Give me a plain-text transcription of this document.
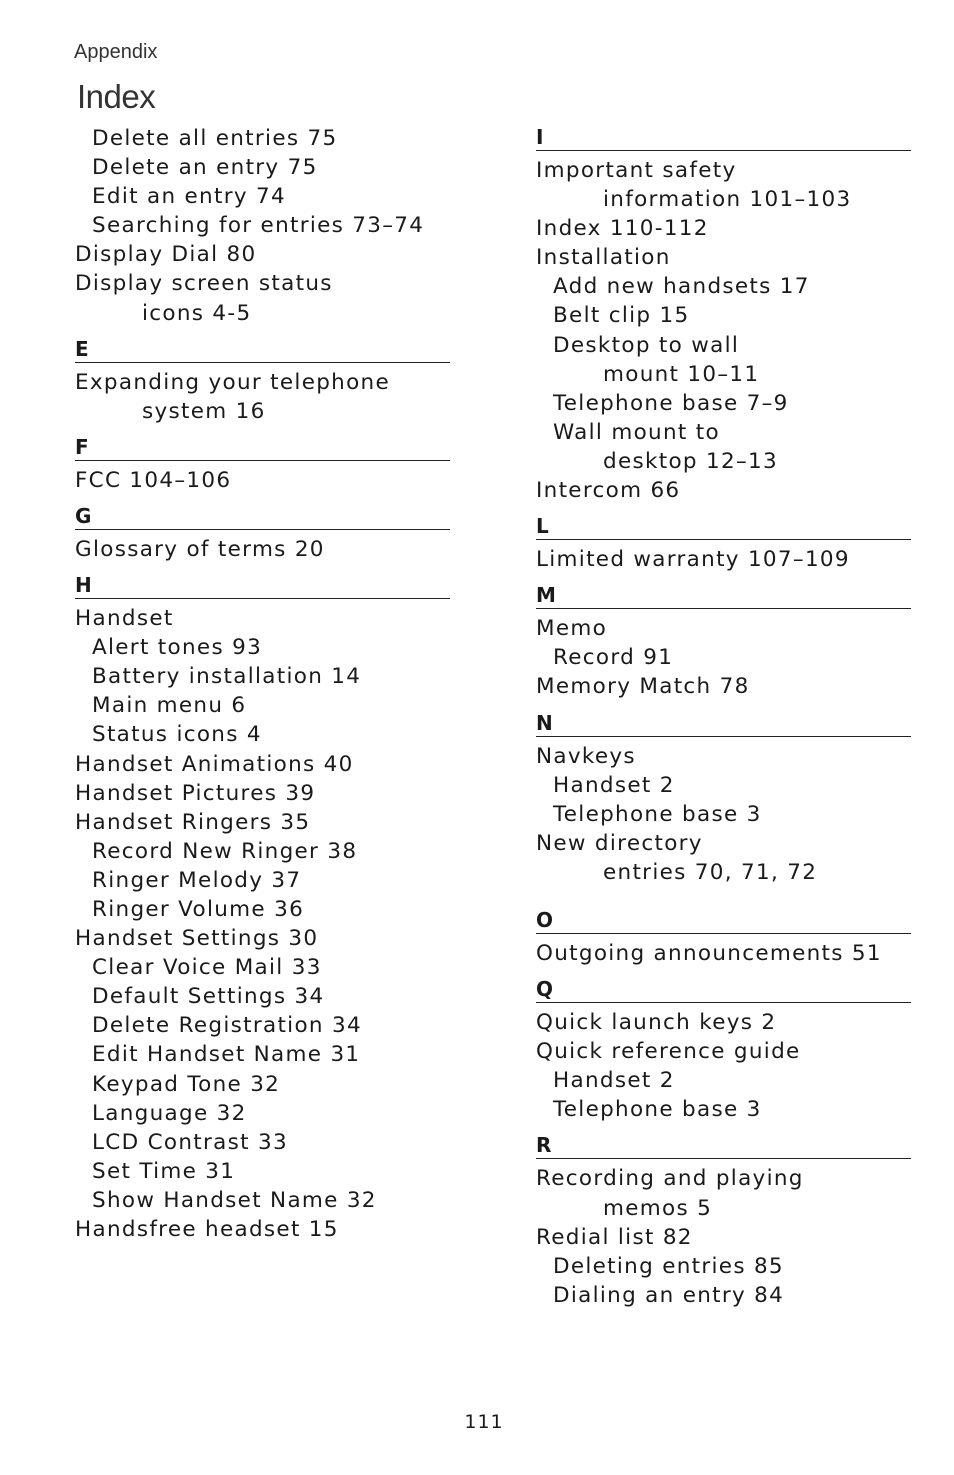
Appendix
Index
Delete all entries 75
Delete an entry 75
Edit an entry 74
Searching for entries 73–74
Display Dial 80
Display screen status
icons 4-5
E
Expanding your telephone
system 16
F
FCC 104–106
G
Glossary of terms 20
H
Handset
Alert tones 93
Battery installation 14
Main menu 6
Status icons 4
Handset Animations 40
Handset Pictures 39
Handset Ringers 35
Record New Ringer 38
Ringer Melody 37
Ringer Volume 36
Handset Settings 30
Clear Voice Mail 33
Default Settings 34
Delete Registration 34
Edit Handset Name 31
Keypad Tone 32
Language 32
LCD Contrast 33
Set Time 31
Show Handset Name 32
Handsfree headset 15
I
Important safety
information 101–103
Index 110-112
Installation
Add new handsets 17
Belt clip 15
Desktop to wall
mount 10–11
Telephone base 7–9
Wall mount to
desktop 12–13
Intercom 66
L
Limited warranty 107–109
M
Memo
Record 91
Memory Match 78
N
Navkeys
Handset 2
Telephone base 3
New directory
entries 70, 71, 72
O
Outgoing announcements 51
Q
Quick launch keys 2
Quick reference guide
Handset 2
Telephone base 3
R
Recording and playing
memos 5
Redial list 82
Deleting entries 85
Dialing an entry 84
111
